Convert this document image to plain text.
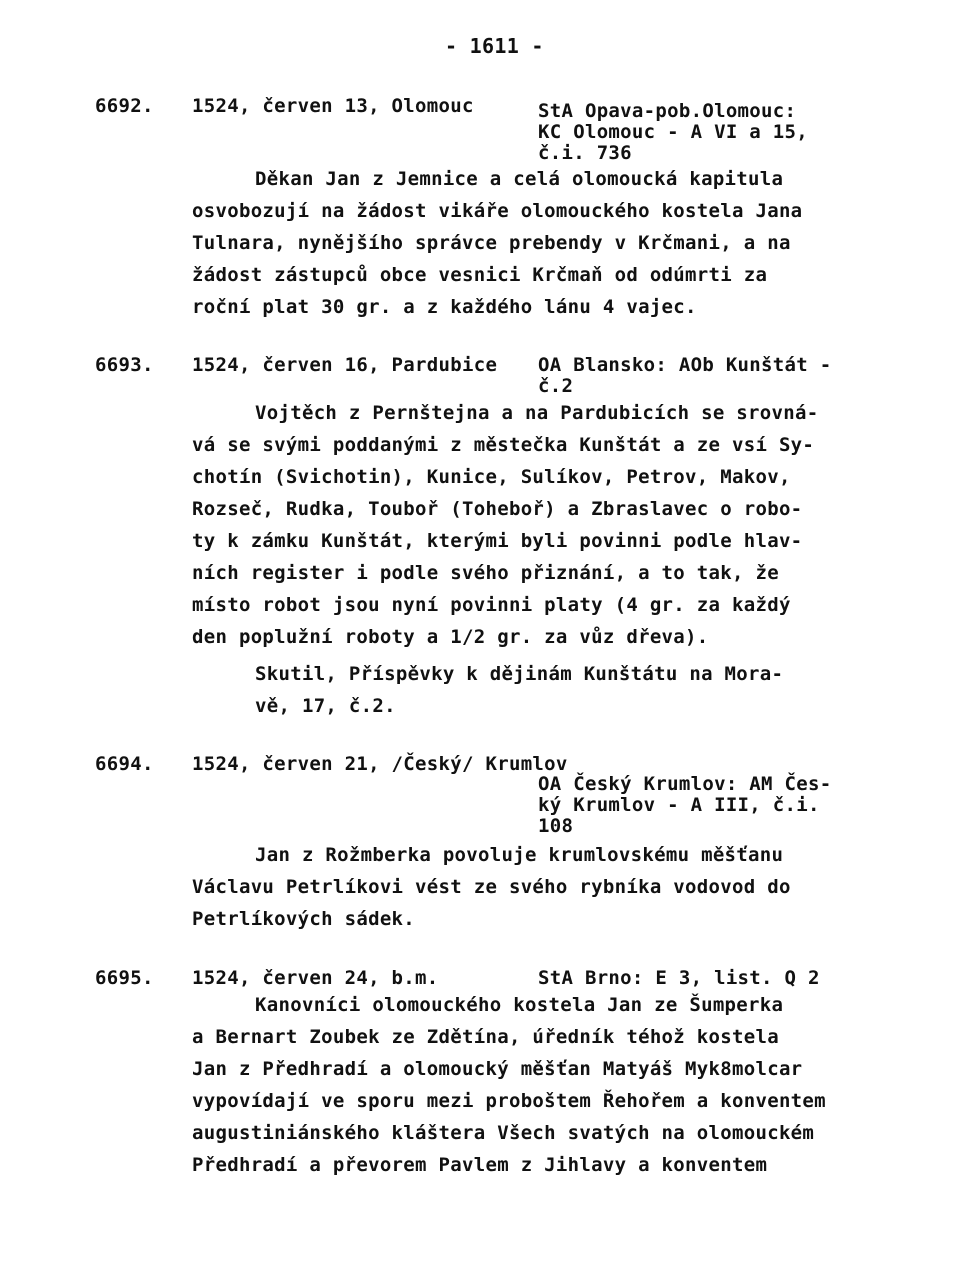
- 1611 -
6692. 1524, červen 13, Olomouc	StA Opava-pob.Olomouc:
KC Olomouc - A VI a 15,
č.i. 736
Děkan Jan z Jemnice a celá olomoucká kapitula
osvobozují na žádost vikáře olomouckého kostela Jana
Tulnara, nynějšího správce prebendy v Krčmani, a na
žádost zástupců obce vesnici Krčmaň od odúmrti za
roční plat 30 gr. a z každého lánu 4 vajec.
6693. 1524, červen 16, Pardubice OA Blansko: AOb Kunštát -
č.2
Vojtěch z Pernštejna a na Pardubicích se srovná-
vá se svými poddanými z městečka Kunštát a ze vsí Sy-
chotín (Svichotin), Kunice, Sulíkov, Petrov, Makov,
Rozseč, Rudka, Touboř (Toheboř) a Zbraslavec o robo-
ty k zámku Kunštát, kterými byli povinni podle hlav-
ních register i podle svého přiznání, a to tak, že
místo robot jsou nyní povinni platy (4 gr. za každý
den poplužní roboty a 1/2 gr. za vůz dřeva).
Skutil, Příspěvky k dějinám Kunštátu na Mora-
vě, 17, č.2.
6694. 1524, červen 21, /Český/ Krumlov
OA Český Krumlov: AM Čes-
ký Krumlov - A III, č.i.
108
Jan z Rožmberka povoluje krumlovskému měšťanu
Václavu Petrlíkovi vést ze svého rybníka vodovod do
Petrlíkových sádek.
6695. 1524, červen 24, b.m.	StA Brno: E 3, list. Q 2
Kanovníci olomouckého kostela Jan ze Šumperka
a Bernart Zoubek ze Zdětína, úředník téhož kostela
Jan z Předhradí a olomoucký měšťan Matyáš Myk8molcar
vypovídají ve sporu mezi proboštem Řehořem a konventem
augustiniánského kláštera Všech svatých na olomouckém
Předhradí a převorem Pavlem z Jihlavy a konventem
